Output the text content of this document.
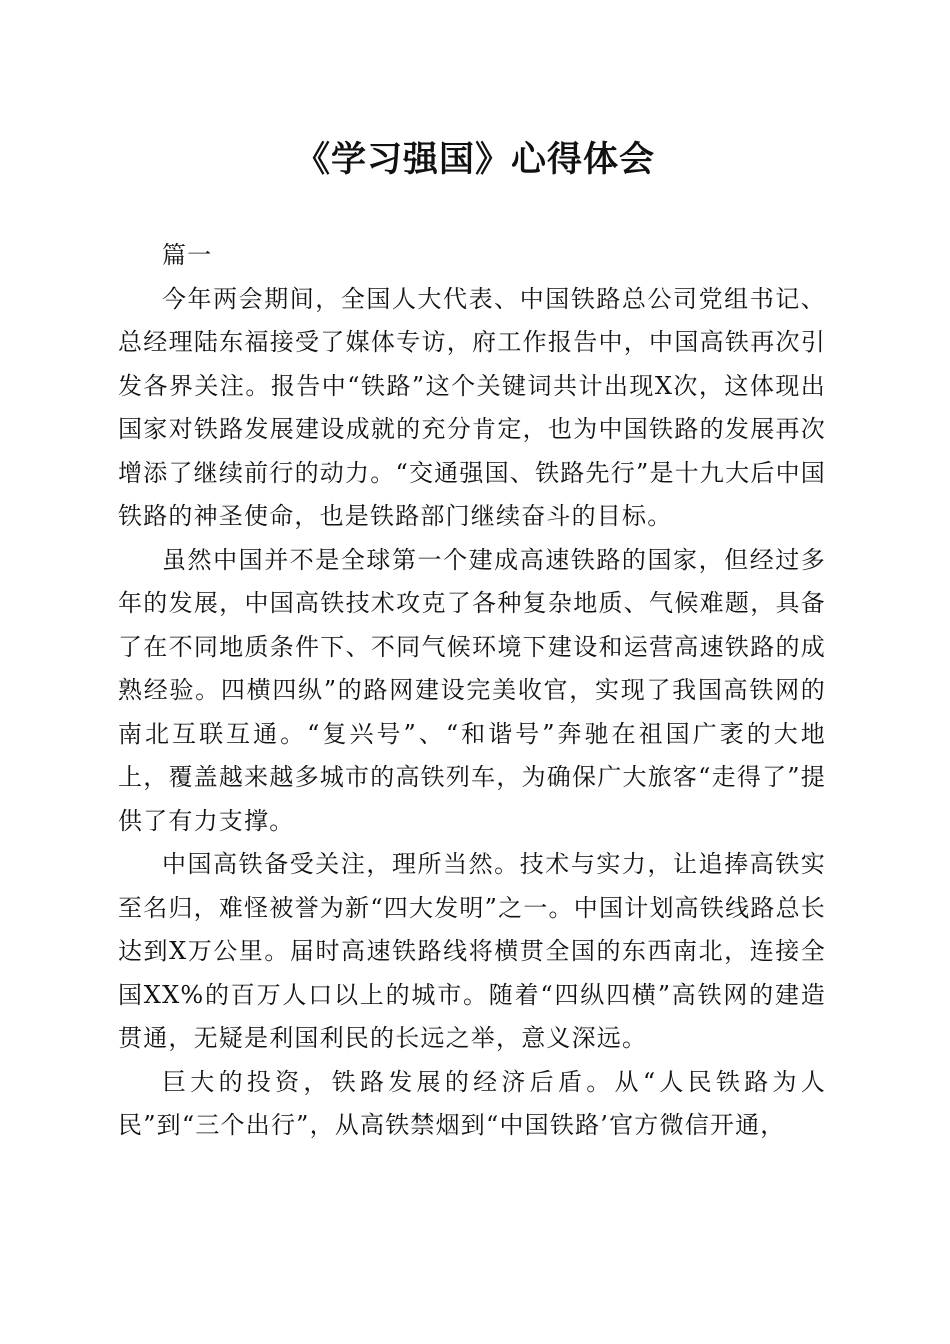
《学习强国》心得体会

篇一

今年两会期间，全国人大代表、中国铁路总公司党组书记、总经理陆东福接受了媒体专访，府工作报告中，中国高铁再次引发各界关注。报告中“铁路”这个关键词共计出现X次，这体现出国家对铁路发展建设成就的充分肯定，也为中国铁路的发展再次增添了继续前行的动力。“交通强国、铁路先行”是十九大后中国铁路的神圣使命，也是铁路部门继续奋斗的目标。

虽然中国并不是全球第一个建成高速铁路的国家，但经过多年的发展，中国高铁技术攻克了各种复杂地质、气候难题，具备了在不同地质条件下、不同气候环境下建设和运营高速铁路的成熟经验。四横四纵”的路网建设完美收官，实现了我国高铁网的南北互联互通。“复兴号”、“和谐号”奔驰在祖国广袤的大地上，覆盖越来越多城市的高铁列车，为确保广大旅客“走得了”提供了有力支撑。

中国高铁备受关注，理所当然。技术与实力，让追捧高铁实至名归，难怪被誉为新“四大发明”之一。中国计划高铁线路总长达到X万公里。届时高速铁路线将横贯全国的东西南北，连接全国XX%的百万人口以上的城市。随着“四纵四横”高铁网的建造贯通，无疑是利国利民的长远之举，意义深远。

巨大的投资，铁路发展的经济后盾。从“人民铁路为人民”到“三个出行”，从高铁禁烟到“中国铁路’官方微信开通，
